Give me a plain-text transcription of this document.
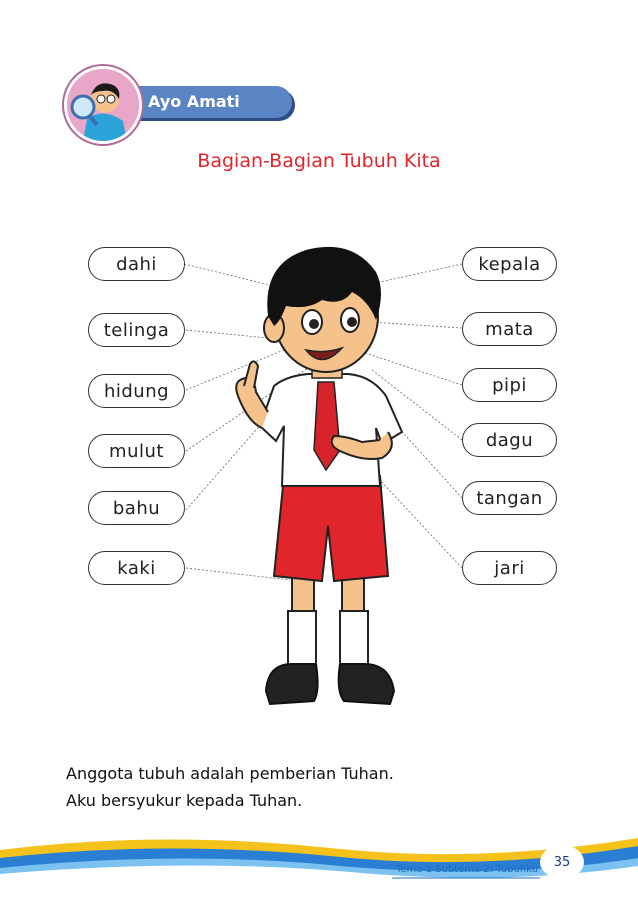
Ayo Amati
Bagian-Bagian Tubuh Kita
dahi
telinga
hidung
mulut
bahu
kaki
kepala
mata
pipi
dagu
tangan
jari
Anggota tubuh adalah pemberian Tuhan.
Aku bersyukur kepada Tuhan.
Tema 1 Subtema 2: Tubuhku	35
